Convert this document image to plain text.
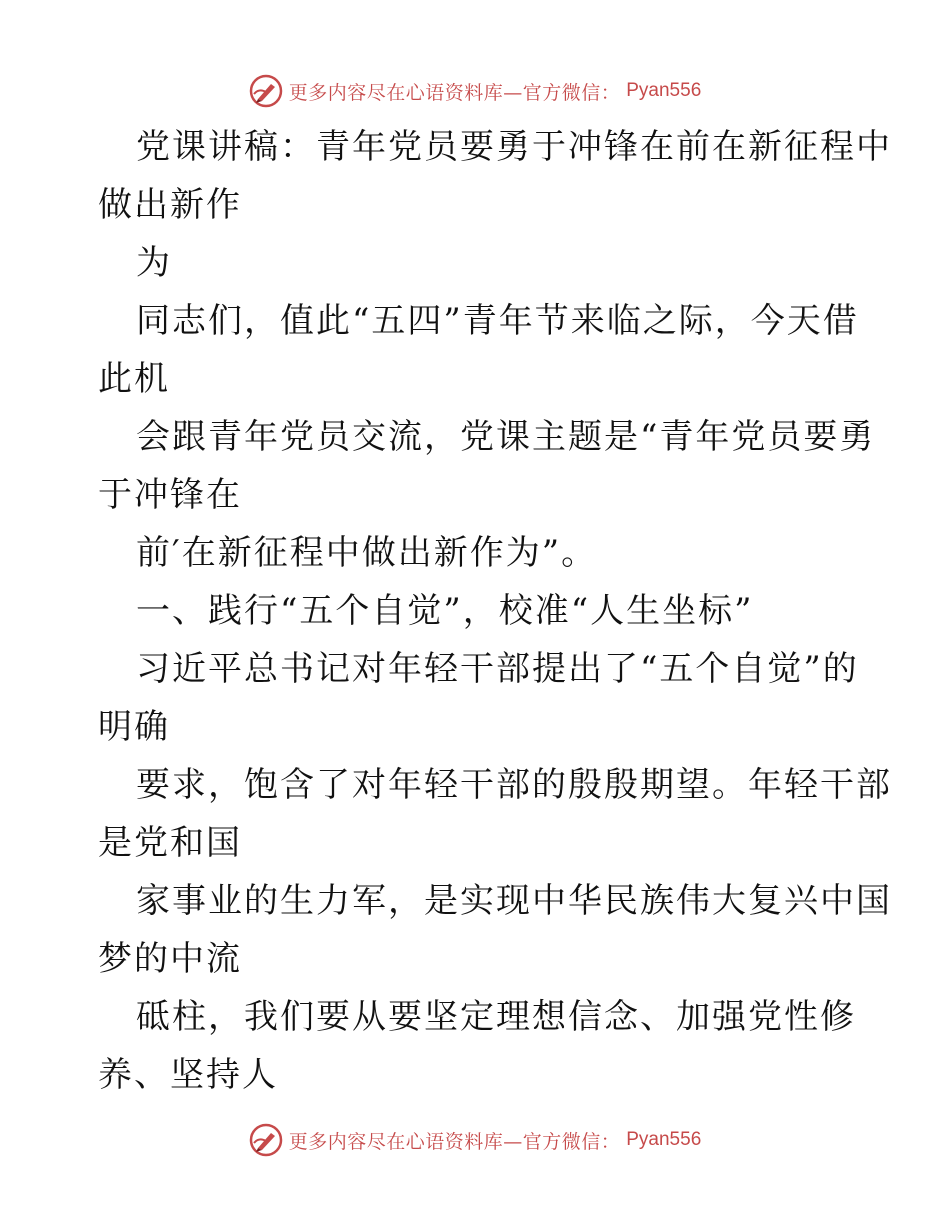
更多内容尽在心语资料库—官方微信： Pyan556
党课讲稿：青年党员要勇于冲锋在前在新征程中
做出新作
为
同志们，值此“五四”青年节来临之际，今天借
此机
会跟青年党员交流，党课主题是“青年党员要勇
于冲锋在
前′在新征程中做出新作为”。
一、践行“五个自觉”，校准“人生坐标”
习近平总书记对年轻干部提出了“五个自觉”的
明确
要求，饱含了对年轻干部的殷殷期望。年轻干部
是党和国
家事业的生力军，是实现中华民族伟大复兴中国
梦的中流
砥柱，我们要从要坚定理想信念、加强党性修
养、坚持人
更多内容尽在心语资料库—官方微信： Pyan556
